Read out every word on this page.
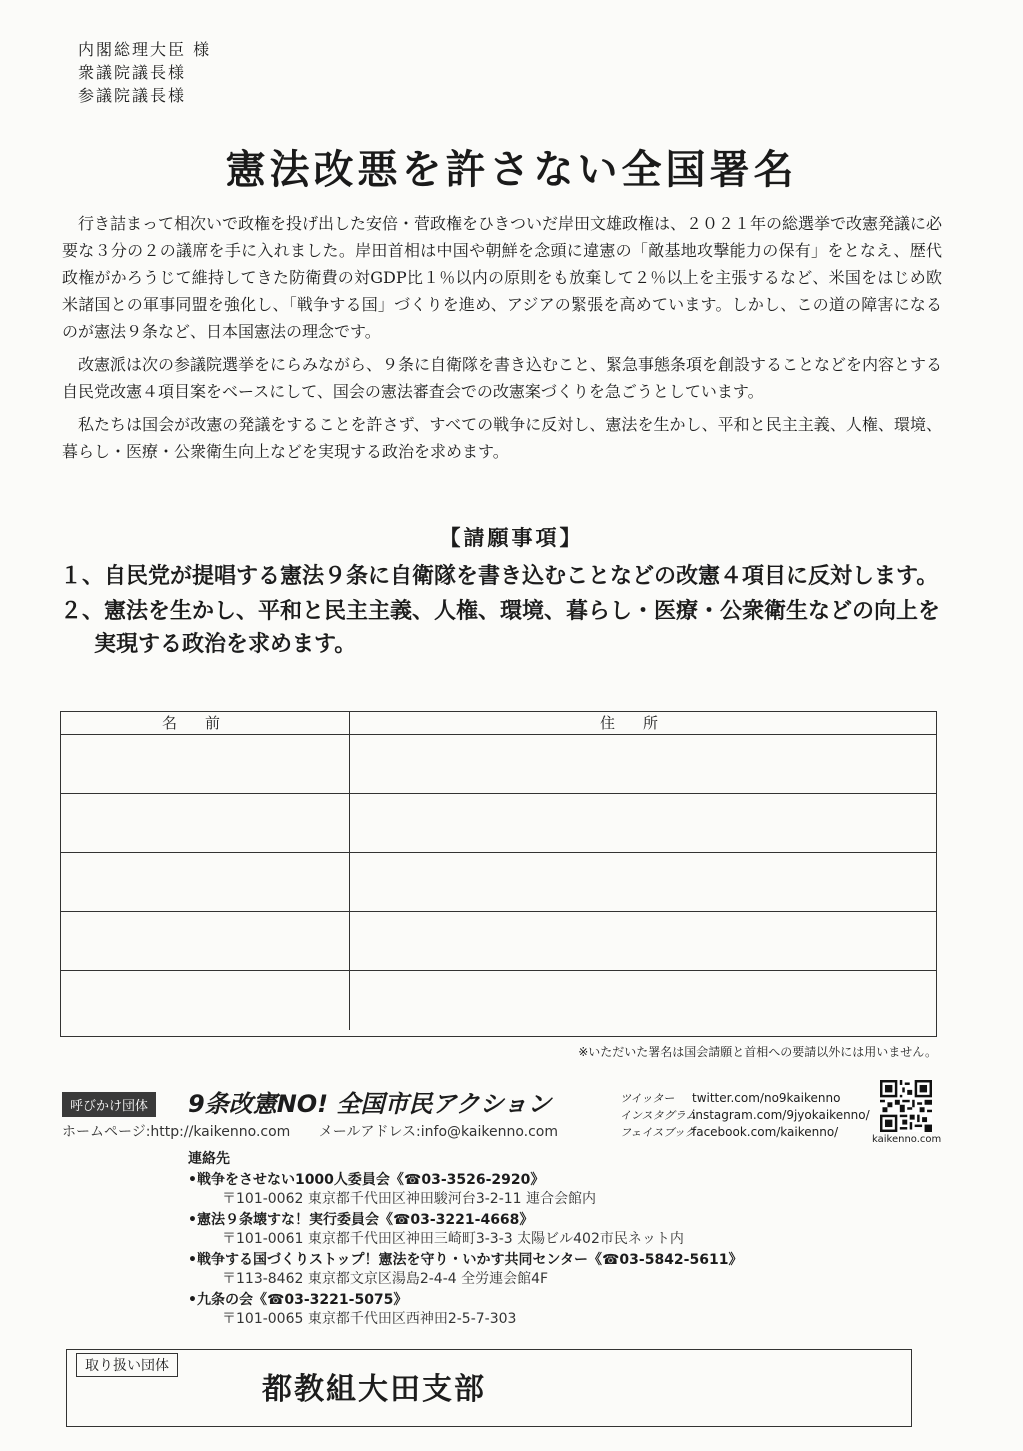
内閣総理大臣 様
衆議院議長様
参議院議長様
憲法改悪を許さない全国署名

行き詰まって相次いで政権を投げ出した安倍・菅政権をひきついだ岸田文雄政権は、２０２１年の総選挙で改憲発議に必要な３分の２の議席を手に入れました。岸田首相は中国や朝鮮を念頭に違憲の「敵基地攻撃能力の保有」をとなえ、歴代政権がかろうじて維持してきた防衛費の対GDP比１％以内の原則をも放棄して２％以上を主張するなど、米国をはじめ欧米諸国との軍事同盟を強化し、「戦争する国」づくりを進め、アジアの緊張を高めています。しかし、この道の障害になるのが憲法９条など、日本国憲法の理念です。

改憲派は次の参議院選挙をにらみながら、９条に自衛隊を書き込むこと、緊急事態条項を創設することなどを内容とする自民党改憲４項目案をベースにして、国会の憲法審査会での改憲案づくりを急ごうとしています。

私たちは国会が改憲の発議をすることを許さず、すべての戦争に反対し、憲法を生かし、平和と民主主義、人権、環境、暮らし・医療・公衆衛生向上などを実現する政治を求めます。

【請願事項】
１、自民党が提唱する憲法９条に自衛隊を書き込むことなどの改憲４項目に反対します。
２、憲法を生かし、平和と民主主義、人権、環境、暮らし・医療・公衆衛生などの向上を実現する政治を求めます。
名前	住所
※いただいた署名は国会請願と首相への要請以外には用いません。
呼びかけ団体	9条改憲NO! 全国市民アクション
ホームページ:http://kaikenno.com メールアドレス:info@kaikenno.com
ツイッター	twitter.com/no9kaikenno
インスタグラム
instagram.com/9jyokaikenno/
フェイスブック
facebook.com/kaikenno/
kaikenno.com
連絡先
•戦争をさせない1000人委員会《☎03-3526-2920》
〒101-0062 東京都千代田区神田駿河台3-2-11 連合会館内
•憲法９条壊すな！実行委員会《☎03-3221-4668》
〒101-0061 東京都千代田区神田三崎町3-3-3 太陽ビル402市民ネット内
•戦争する国づくりストップ！憲法を守り・いかす共同センター《☎03-5842-5611》
〒113-8462 東京都文京区湯島2-4-4 全労連会館4F
•九条の会《☎03-3221-5075》
〒101-0065 東京都千代田区西神田2-5-7-303
取り扱い団体
都教組大田支部
